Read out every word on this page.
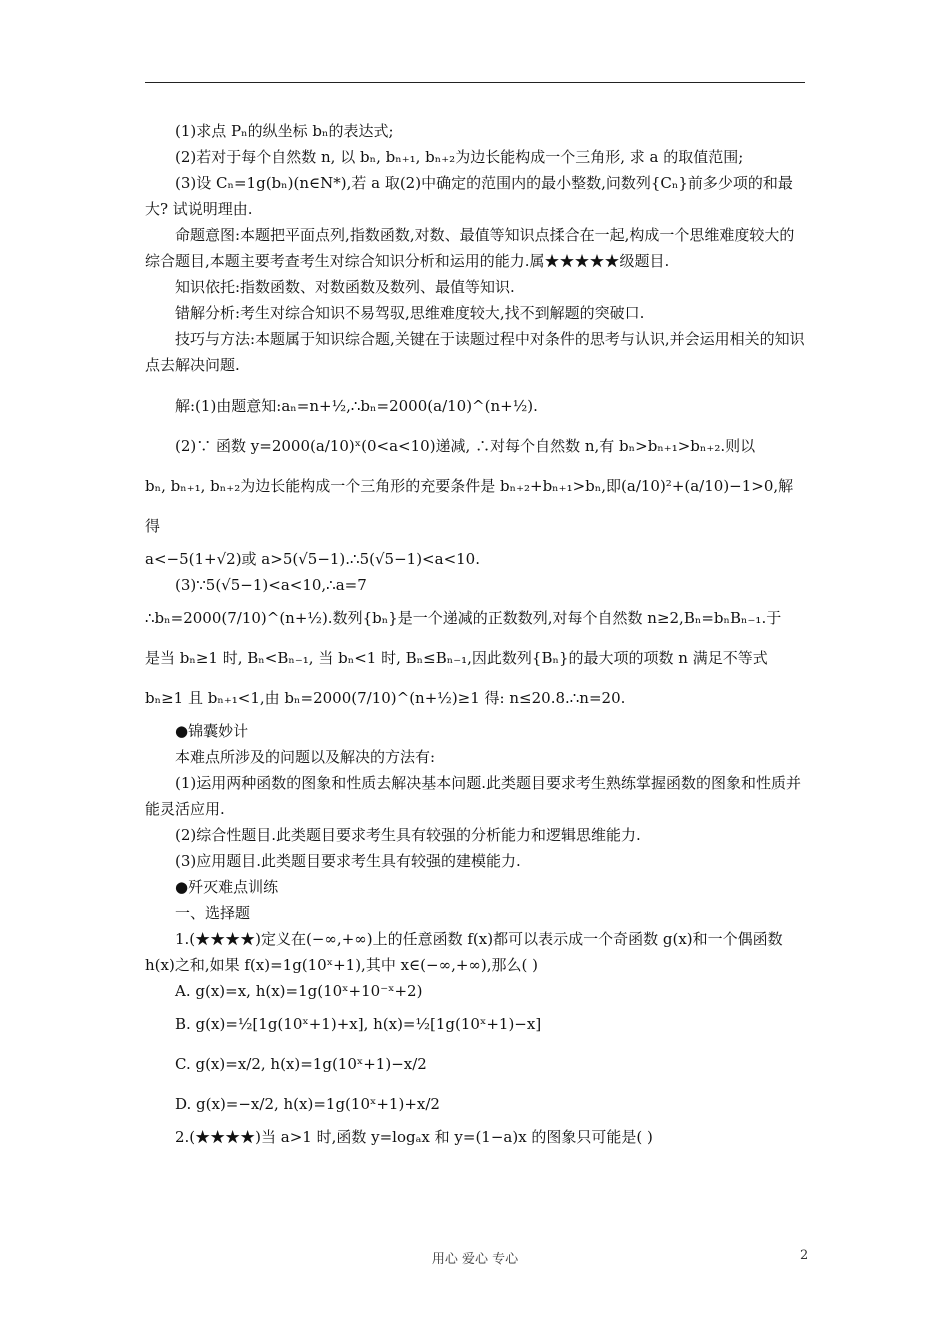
(1)求点 Pₙ的纵坐标 bₙ的表达式;

(2)若对于每个自然数 n, 以 bₙ, bₙ₊₁, bₙ₊₂为边长能构成一个三角形, 求 a 的取值范围;

(3)设 Cₙ=1g(bₙ)(n∈N*),若 a 取(2)中确定的范围内的最小整数,问数列{Cₙ}前多少项的和最大? 试说明理由.

命题意图:本题把平面点列,指数函数,对数、最值等知识点揉合在一起,构成一个思维难度较大的综合题目,本题主要考查考生对综合知识分析和运用的能力.属★★★★★级题目.

知识依托:指数函数、对数函数及数列、最值等知识.

错解分析:考生对综合知识不易驾驭,思维难度较大,找不到解题的突破口.

技巧与方法:本题属于知识综合题,关键在于读题过程中对条件的思考与认识,并会运用相关的知识点去解决问题.

解:(1)由题意知:aₙ=n+½,∴bₙ=2000(a/10)^(n+½).

(2)∵ 函数 y=2000(a/10)ˣ(0<a<10)递减, ∴对每个自然数 n,有 bₙ>bₙ₊₁>bₙ₊₂.则以

bₙ, bₙ₊₁, bₙ₊₂为边长能构成一个三角形的充要条件是 bₙ₊₂+bₙ₊₁>bₙ,即(a/10)²+(a/10)−1>0,解得

a<−5(1+√2)或 a>5(√5−1).∴5(√5−1)<a<10.

(3)∵5(√5−1)<a<10,∴a=7

∴bₙ=2000(7/10)^(n+½).数列{bₙ}是一个递减的正数数列,对每个自然数 n≥2,Bₙ=bₙBₙ₋₁.于

是当 bₙ≥1 时, Bₙ<Bₙ₋₁, 当 bₙ<1 时, Bₙ≤Bₙ₋₁,因此数列{Bₙ}的最大项的项数 n 满足不等式

bₙ≥1 且 bₙ₊₁<1,由 bₙ=2000(7/10)^(n+½)≥1 得: n≤20.8.∴n=20.

●锦囊妙计

本难点所涉及的问题以及解决的方法有:

(1)运用两种函数的图象和性质去解决基本问题.此类题目要求考生熟练掌握函数的图象和性质并能灵活应用.

(2)综合性题目.此类题目要求考生具有较强的分析能力和逻辑思维能力.

(3)应用题目.此类题目要求考生具有较强的建模能力.

●歼灭难点训练

一、选择题

1.(★★★★)定义在(−∞,+∞)上的任意函数 f(x)都可以表示成一个奇函数 g(x)和一个偶函数 h(x)之和,如果 f(x)=1g(10ˣ+1),其中 x∈(−∞,+∞),那么( )

A. g(x)=x, h(x)=1g(10ˣ+10⁻ˣ+2)

B. g(x)=½[1g(10ˣ+1)+x], h(x)=½[1g(10ˣ+1)−x]

C. g(x)=x/2, h(x)=1g(10ˣ+1)−x/2

D. g(x)=−x/2, h(x)=1g(10ˣ+1)+x/2

2.(★★★★)当 a>1 时,函数 y=logₐx 和 y=(1−a)x 的图象只可能是( )

用心 爱心 专心	2
